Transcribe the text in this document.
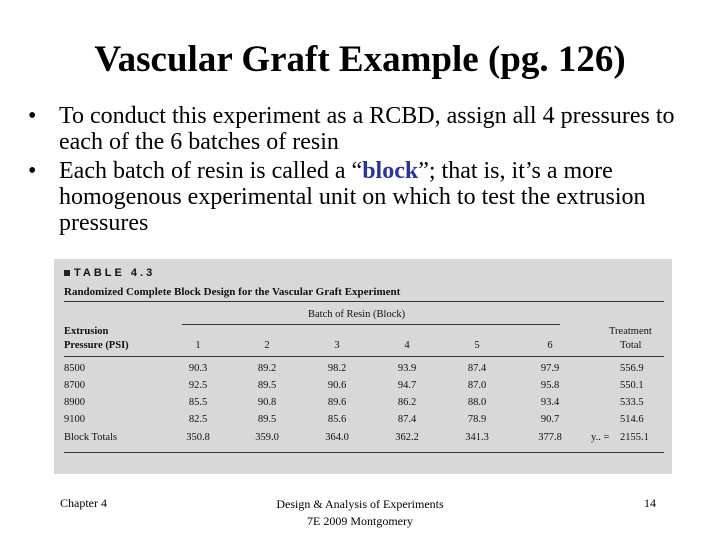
Vascular Graft Example (pg. 126)
• To conduct this experiment as a RCBD, assign all 4 pressures to each of the 6 batches of resin
• Each batch of resin is called a “block”; that is, it’s a more homogenous experimental unit on which to test the extrusion pressures
TABLE 4.3
Randomized Complete Block Design for the Vascular Graft Experiment
Batch of Resin (Block)
Extrusion
Pressure (PSI)
Treatment
Total
1	2	3	4	5	6
8500	90.3	89.2	98.2	93.9	87.4	97.9	556.9
8700	92.5	89.5	90.6	94.7	87.0	95.8	550.1
8900	85.5	90.8	89.6	86.2	88.0	93.4	533.5
9100	82.5	89.5	85.6	87.4	78.9	90.7	514.6
Block Totals	350.8	359.0	364.0	362.2	341.3	377.8	y.. = 2155.1
Chapter 4	Design & Analysis of Experiments
7E 2009 Montgomery
14
